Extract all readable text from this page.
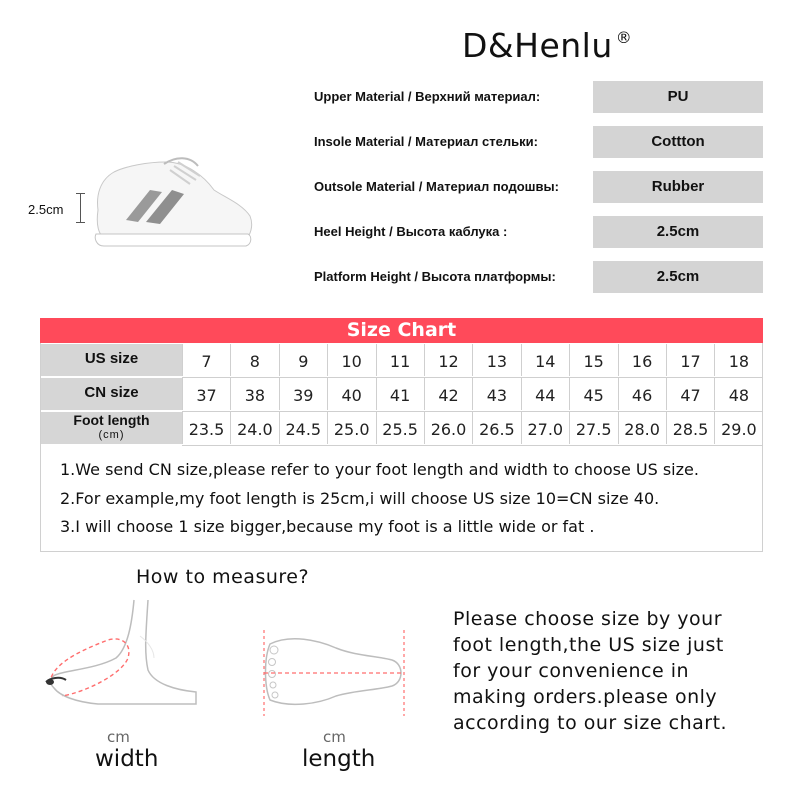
D&Henlu ®
Upper Material / Верхний материал:	PU
Insole Material / Материал стельки:	Cottton
Outsole Material / Материал подошвы:	Rubber
Heel Height / Высота каблука :	2.5cm
Platform Height / Высота платформы:	2.5cm
2.5cm
Size Chart
US size	7	8	9	10	11	12	13	14	15	16	17	18
CN size	37	38	39	40	41	42	43	44	45	46	47	48
Foot length
(cm)	23.5 24.0 24.5 25.0 25.5 26.0 26.5 27.0 27.5 28.0 28.5 29.0
1.We send CN size,please refer to your foot length and width to choose US size.
2.For example,my foot length is 25cm,i will choose US size 10=CN size 40.
3.I will choose 1 size bigger,because my foot is a little wide or fat .
How to measure?
cm
width
cm
length
Please choose size by your
foot length,the US size just
for your convenience in
making orders.please only
according to our size chart.
